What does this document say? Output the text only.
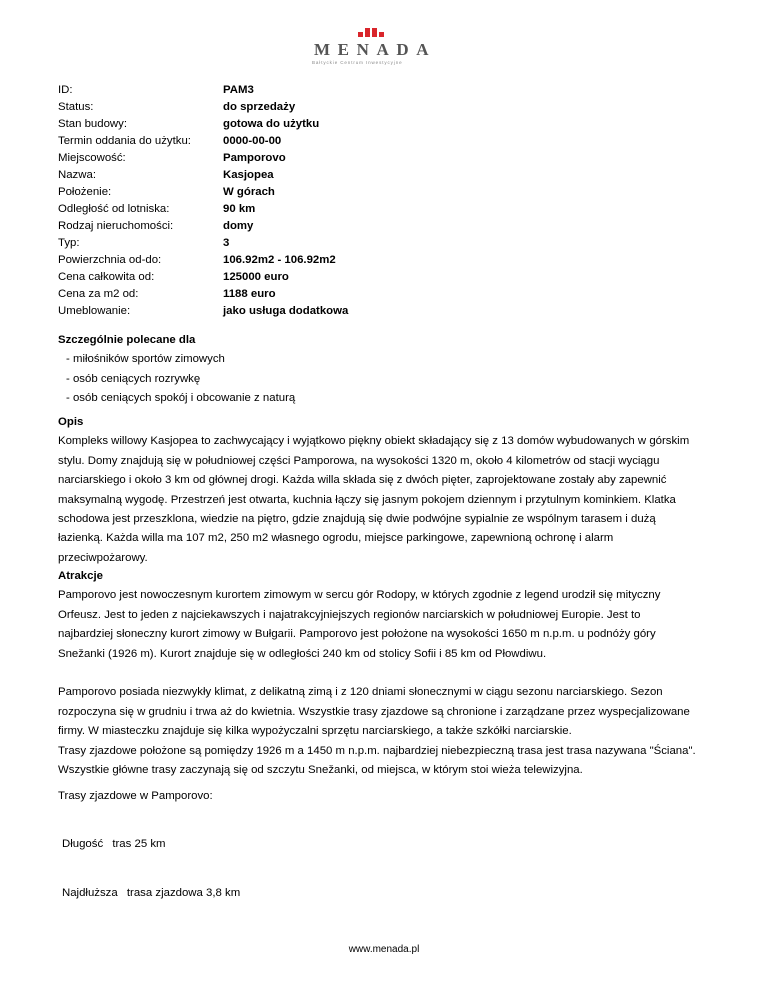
MENADA
Bałtyckie Centrum Inwestycyjne
ID:	PAM3
Status:	do sprzedaży
Stan budowy:	gotowa do użytku
Termin oddania do użytku:	0000-00-00
Miejscowość:	Pamporovo
Nazwa:	Kasjopea
Położenie:	W górach
Odległość od lotniska:	90 km
Rodzaj nieruchomości:	domy
Typ:	3
Powierzchnia od-do:	106.92m2 - 106.92m2
Cena całkowita od:	125000 euro
Cena za m2 od:	1188 euro
Umeblowanie:	jako usługa dodatkowa
Szczególnie polecane dla
- miłośników sportów zimowych
- osób ceniących rozrywkę
- osób ceniących spokój i obcowanie z naturą
Opis
Kompleks willowy Kasjopea to zachwycający i wyjątkowo piękny obiekt składający się z 13 domów wybudowanych w górskim
stylu. Domy znajdują się w południowej części Pamporowa, na wysokości 1320 m, około 4 kilometrów od stacji wyciągu
narciarskiego i około 3 km od głównej drogi. Każda willa składa się z dwóch pięter, zaprojektowane zostały aby zapewnić
maksymalną wygodę. Przestrzeń jest otwarta, kuchnia łączy się jasnym pokojem dziennym i przytulnym kominkiem. Klatka
schodowa jest przeszklona, wiedzie na piętro, gdzie znajdują się dwie podwójne sypialnie ze wspólnym tarasem i dużą
łazienką. Każda willa ma 107 m2, 250 m2 własnego ogrodu, miejsce parkingowe, zapewnioną ochronę i alarm
przeciwpożarowy.
Atrakcje
Pamporovo jest nowoczesnym kurortem zimowym w sercu gór Rodopy, w których zgodnie z legend urodził się mityczny
Orfeusz. Jest to jeden z najciekawszych i najatrakcyjniejszych regionów narciarskich w południowej Europie. Jest to
najbardziej słoneczny kurort zimowy w Bułgarii. Pamporovo jest położone na wysokości 1650 m n.p.m. u podnóży góry
Snežanki (1926 m). Kurort znajduje się w odległości 240 km od stolicy Sofii i 85 km od Płowdiwu.
Pamporovo posiada niezwykły klimat, z delikatną zimą i z 120 dniami słonecznymi w ciągu sezonu narciarskiego. Sezon
rozpoczyna się w grudniu i trwa aż do kwietnia. Wszystkie trasy zjazdowe są chronione i zarządzane przez wyspecjalizowane
firmy. W miasteczku znajduje się kilka wypożyczalni sprzętu narciarskiego, a także szkółki narciarskie.
Trasy zjazdowe położone są pomiędzy 1926 m a 1450 m n.p.m. najbardziej niebezpieczną trasa jest trasa nazywana "Ściana".
Wszystkie główne trasy zaczynają się od szczytu Snežanki, od miejsca, w którym stoi wieża telewizyjna.
Trasy zjazdowe w Pamporovo:
Długość tras 25 km
Najdłuższa trasa zjazdowa 3,8 km
www.menada.pl
